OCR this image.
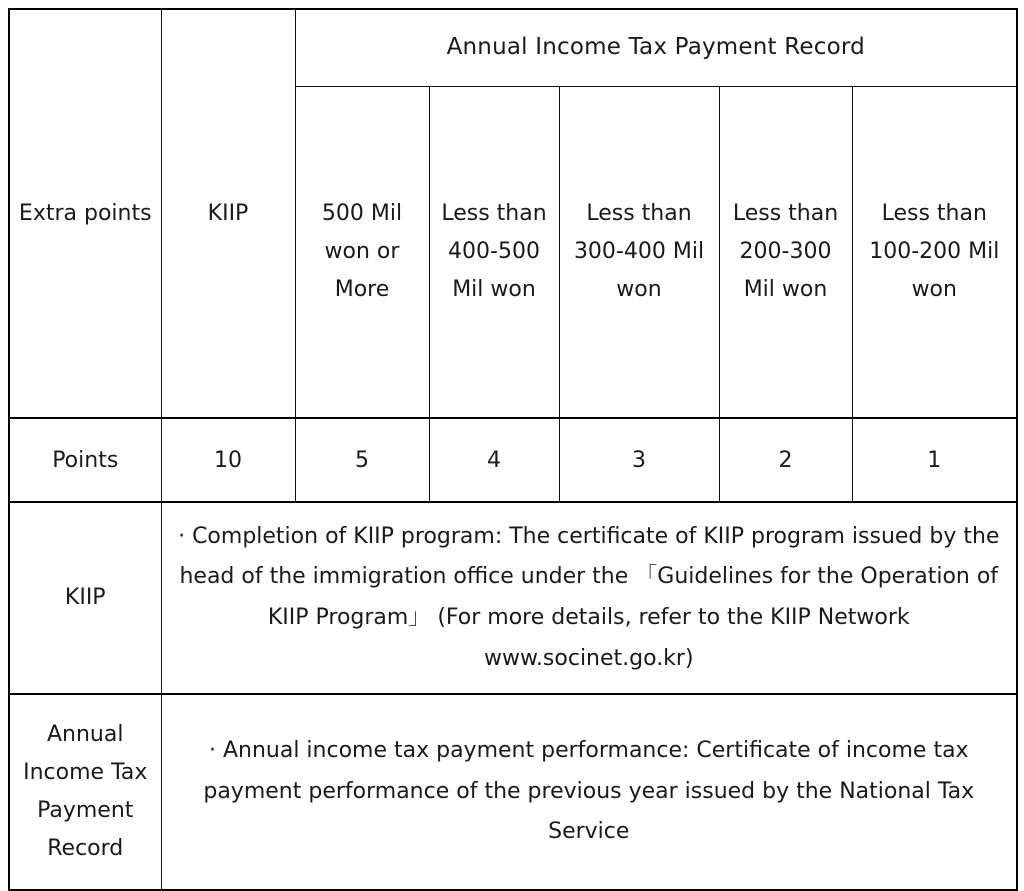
Extra points	KIIP	Annual Income Tax Payment Record				
		500 Mil won or More	Less than 400-500 Mil won	Less than 300-400 Mil won	Less than 200-300 Mil won	Less than 100-200 Mil won
Points	10	5	4	3	2	1
KIIP	· Completion of KIIP program: The certificate of KIIP program issued by the head of the immigration office under the 「Guidelines for the Operation of KIIP Program」 (For more details, refer to the KIIP Network www.socinet.go.kr)					
Annual Income Tax Payment Record	· Annual income tax payment performance: Certificate of income tax payment performance of the previous year issued by the National Tax Service					
